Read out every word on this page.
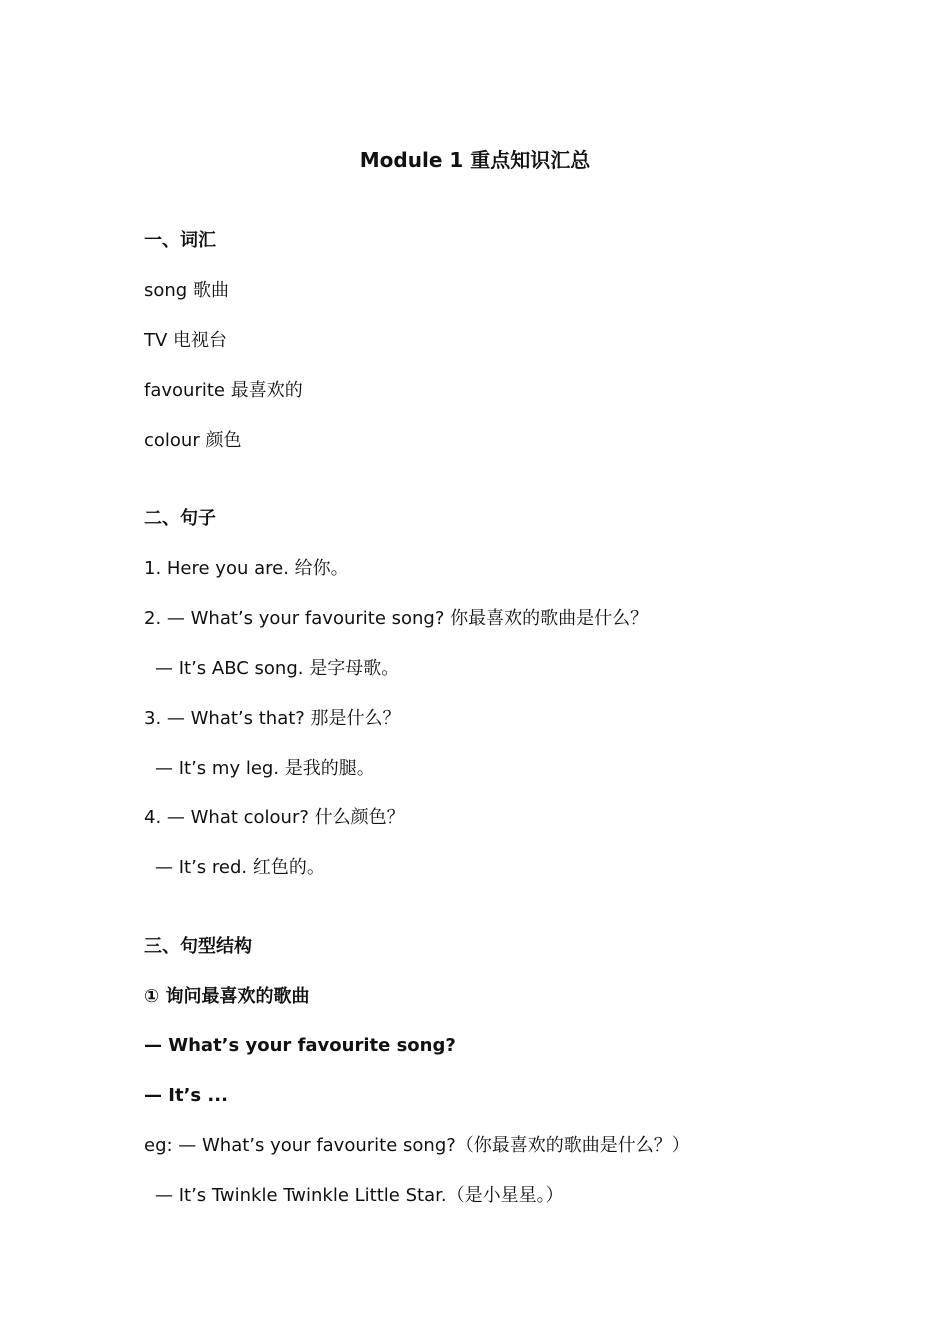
Module 1 重点知识汇总
一、词汇
song 歌曲
TV 电视台
favourite 最喜欢的
colour 颜色
二、句子
1. Here you are. 给你。
2. — What’s your favourite song? 你最喜欢的歌曲是什么？
— It’s ABC song. 是字母歌。
3. — What’s that? 那是什么？
— It’s my leg. 是我的腿。
4. — What colour? 什么颜色？
— It’s red. 红色的。
三、句型结构
① 询问最喜欢的歌曲
— What’s your favourite song?
— It’s ...
eg: — What’s your favourite song?（你最喜欢的歌曲是什么？）
— It’s Twinkle Twinkle Little Star.（是小星星。）
